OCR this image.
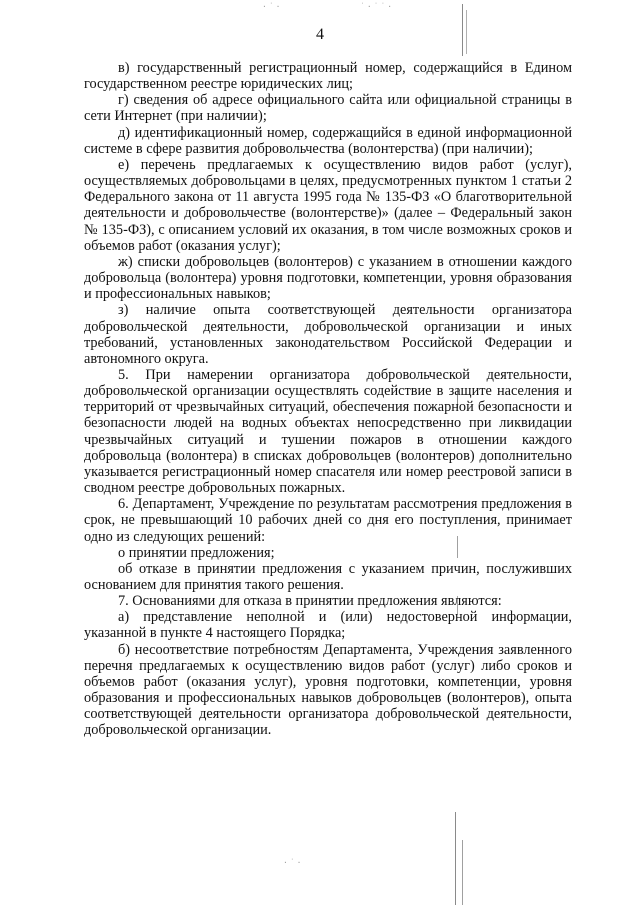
·˙·	˙·˙˙·
·˙·
4

в) государственный регистрационный номер, содержащийся в Едином государственном реестре юридических лиц;

г) сведения об адресе официального сайта или официальной страницы в сети Интернет (при наличии);

д) идентификационный номер, содержащийся в единой информационной системе в сфере развития добровольчества (волонтерства) (при наличии);

е) перечень предлагаемых к осуществлению видов работ (услуг), осуществляемых добровольцами в целях, предусмотренных пунктом 1 статьи 2 Федерального закона от 11 августа 1995 года № 135-ФЗ «О благотворительной деятельности и добровольчестве (волонтерстве)» (далее – Федеральный закон № 135-ФЗ), с описанием условий их оказания, в том числе возможных сроков и объемов работ (оказания услуг);

ж) списки добровольцев (волонтеров) с указанием в отношении каждого добровольца (волонтера) уровня подготовки, компетенции, уровня образования и профессиональных навыков;

з) наличие опыта соответствующей деятельности организатора добровольческой деятельности, добровольческой организации и иных требований, установленных законодательством Российской Федерации и автономного округа.

5. При намерении организатора добровольческой деятельности, добровольческой организации осуществлять содействие в защите населения и территорий от чрезвычайных ситуаций, обеспечения пожарной безопасности и безопасности людей на водных объектах непосредственно при ликвидации чрезвычайных ситуаций и тушении пожаров в отношении каждого добровольца (волонтера) в списках добровольцев (волонтеров) дополнительно указывается регистрационный номер спасателя или номер реестровой записи в сводном реестре добровольных пожарных.

6. Департамент, Учреждение по результатам рассмотрения предложения в срок, не превышающий 10 рабочих дней со дня его поступления, принимает одно из следующих решений:

о принятии предложения;

об отказе в принятии предложения с указанием причин, послуживших основанием для принятия такого решения.

7. Основаниями для отказа в принятии предложения являются:

а) представление неполной и (или) недостоверной информации, указанной в пункте 4 настоящего Порядка;

б) несоответствие потребностям Департамента, Учреждения заявленного перечня предлагаемых к осуществлению видов работ (услуг) либо сроков и объемов работ (оказания услуг), уровня подготовки, компетенции, уровня образования и профессиональных навыков добровольцев (волонтеров), опыта соответствующей деятельности организатора добровольческой деятельности, добровольческой организации.
